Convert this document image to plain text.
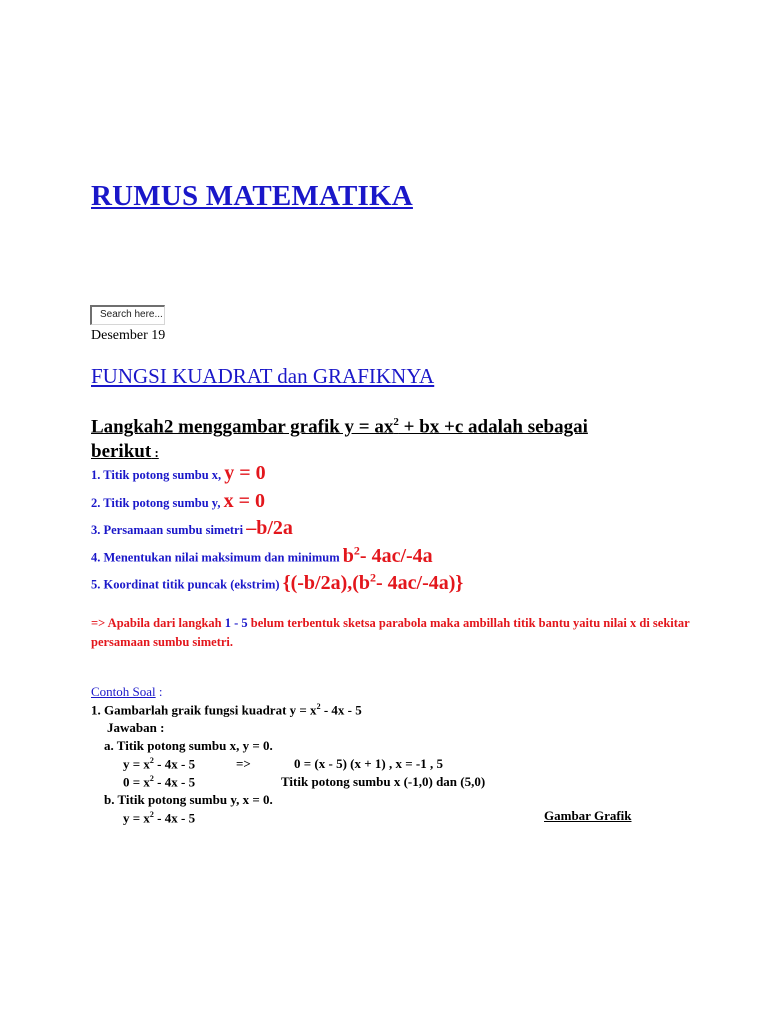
RUMUS MATEMATIKA
Search here...
Desember 19
FUNGSI KUADRAT dan GRAFIKNYA
Langkah2 menggambar grafik $y = ax^2$ + bx +c adalah sebagai berikut :
1. Titik potong sumbu x, y = 0
2. Titik potong sumbu y, x = 0
3. Persamaan sumbu simetri –b/2a
4. Menentukan nilai maksimum dan minimum $b^2-$ 4ac/-4a
5. Koordinat titik puncak (ekstrim) {$(-b/2a),(b^2-$ 4ac/-4a)}
=> Apabila dari langkah 1 - 5 belum terbentuk sketsa parabola maka ambillah titik bantu yaitu nilai x di sekitar persamaan sumbu simetri.
Contoh Soal :
1. Gambarlah graik fungsi kuadrat $y = x^2 - 4x - 5$
Jawaban :
a. Titik potong sumbu x, y = 0.
$y = x^2 - 4x - 5$	=>	0 = (x - 5) (x + 1) , x = -1 , 5
$0 = x^2 - 4x - 5$	Titik potong sumbu x (-1,0) dan (5,0)
b. Titik potong sumbu y, x = 0.
$y = x^2 - 4x - 5$	Gambar Grafik
